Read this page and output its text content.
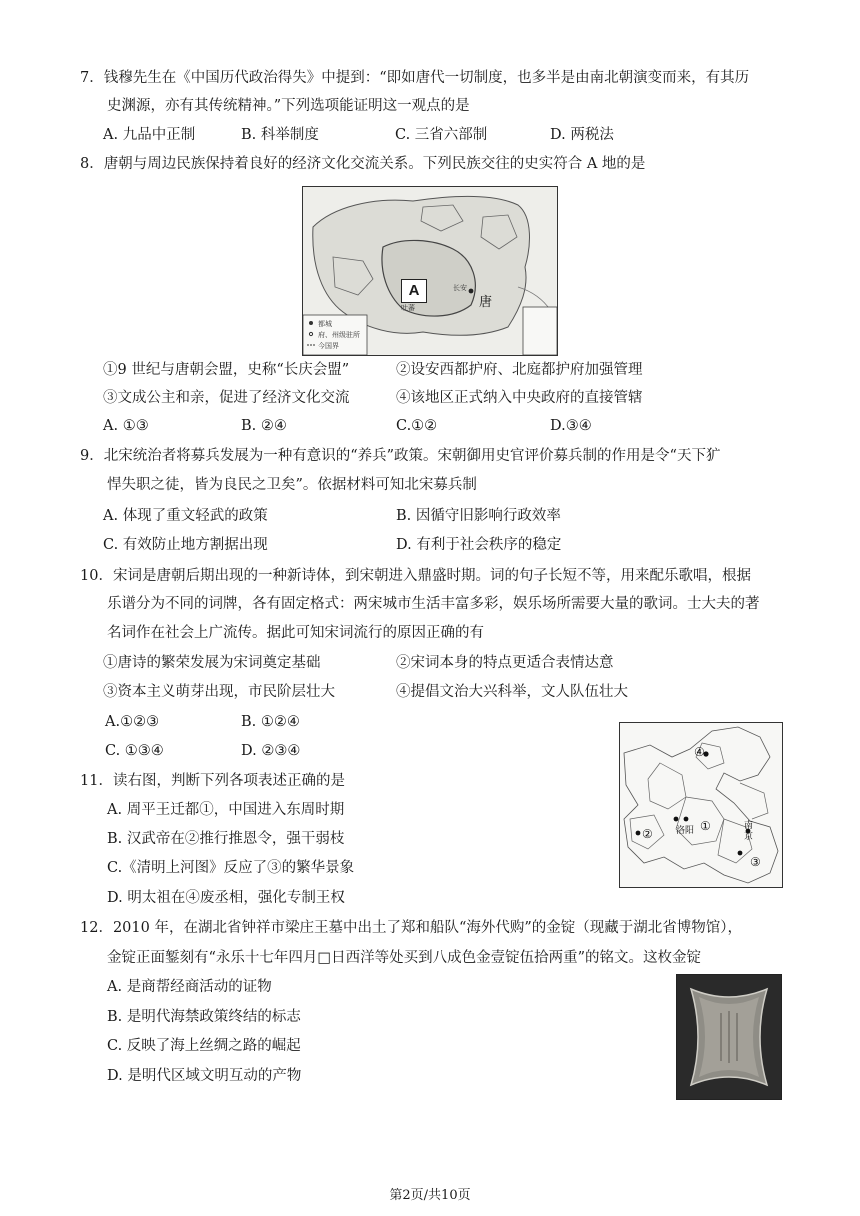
7．钱穆先生在《中国历代政治得失》中提到：“即如唐代一切制度，也多半是由南北朝演变而来，有其历
史渊源，亦有其传统精神。”下列选项能证明这一观点的是
A. 九品中正制	B. 科举制度	C. 三省六部制	D. 两税法
8．唐朝与周边民族保持着良好的经济文化交流关系。下列民族交往的史实符合 A 地的是
A
吐蕃	唐
长安
都城
府、州级驻所
今国界
①9 世纪与唐朝会盟，史称“长庆会盟”	②设安西都护府、北庭都护府加强管理
③文成公主和亲，促进了经济文化交流	④该地区正式纳入中央政府的直接管辖
A. ①③	B. ②④	C.①②	D.③④
9．北宋统治者将募兵发展为一种有意识的“养兵”政策。宋朝御用史官评价募兵制的作用是令“天下犷
悍失职之徒，皆为良民之卫矣”。依据材料可知北宋募兵制
A. 体现了重文轻武的政策	B. 因循守旧影响行政效率
C. 有效防止地方割据出现	D. 有利于社会秩序的稳定
10．宋词是唐朝后期出现的一种新诗体，到宋朝进入鼎盛时期。词的句子长短不等，用来配乐歌唱，根据
乐谱分为不同的词牌，各有固定格式：两宋城市生活丰富多彩，娱乐场所需要大量的歌词。士大夫的著
名词作在社会上广流传。据此可知宋词流行的原因正确的有
①唐诗的繁荣发展为宋词奠定基础	②宋词本身的特点更适合表情达意
③资本主义萌芽出现，市民阶层壮大	④提倡文治大兴科举，文人队伍壮大
A.①②③	B. ①②④
C. ①③④	D. ②③④	④
洛阳 ①
②
南
京
③
11．读右图，判断下列各项表述正确的是
A. 周平王迁都①，中国进入东周时期
B. 汉武帝在②推行推恩令，强干弱枝
C.《清明上河图》反应了③的繁华景象
D. 明太祖在④废丞相，强化专制王权
12．2010 年，在湖北省钟祥市梁庄王墓中出土了郑和船队“海外代购”的金锭（现藏于湖北省博物馆），
金锭正面錾刻有“永乐十七年四月□日西洋等处买到八成色金壹锭伍拾两重”的铭文。这枚金锭
A. 是商帮经商活动的证物
B. 是明代海禁政策终结的标志
C. 反映了海上丝绸之路的崛起
D. 是明代区域文明互动的产物
第2页/共10页
